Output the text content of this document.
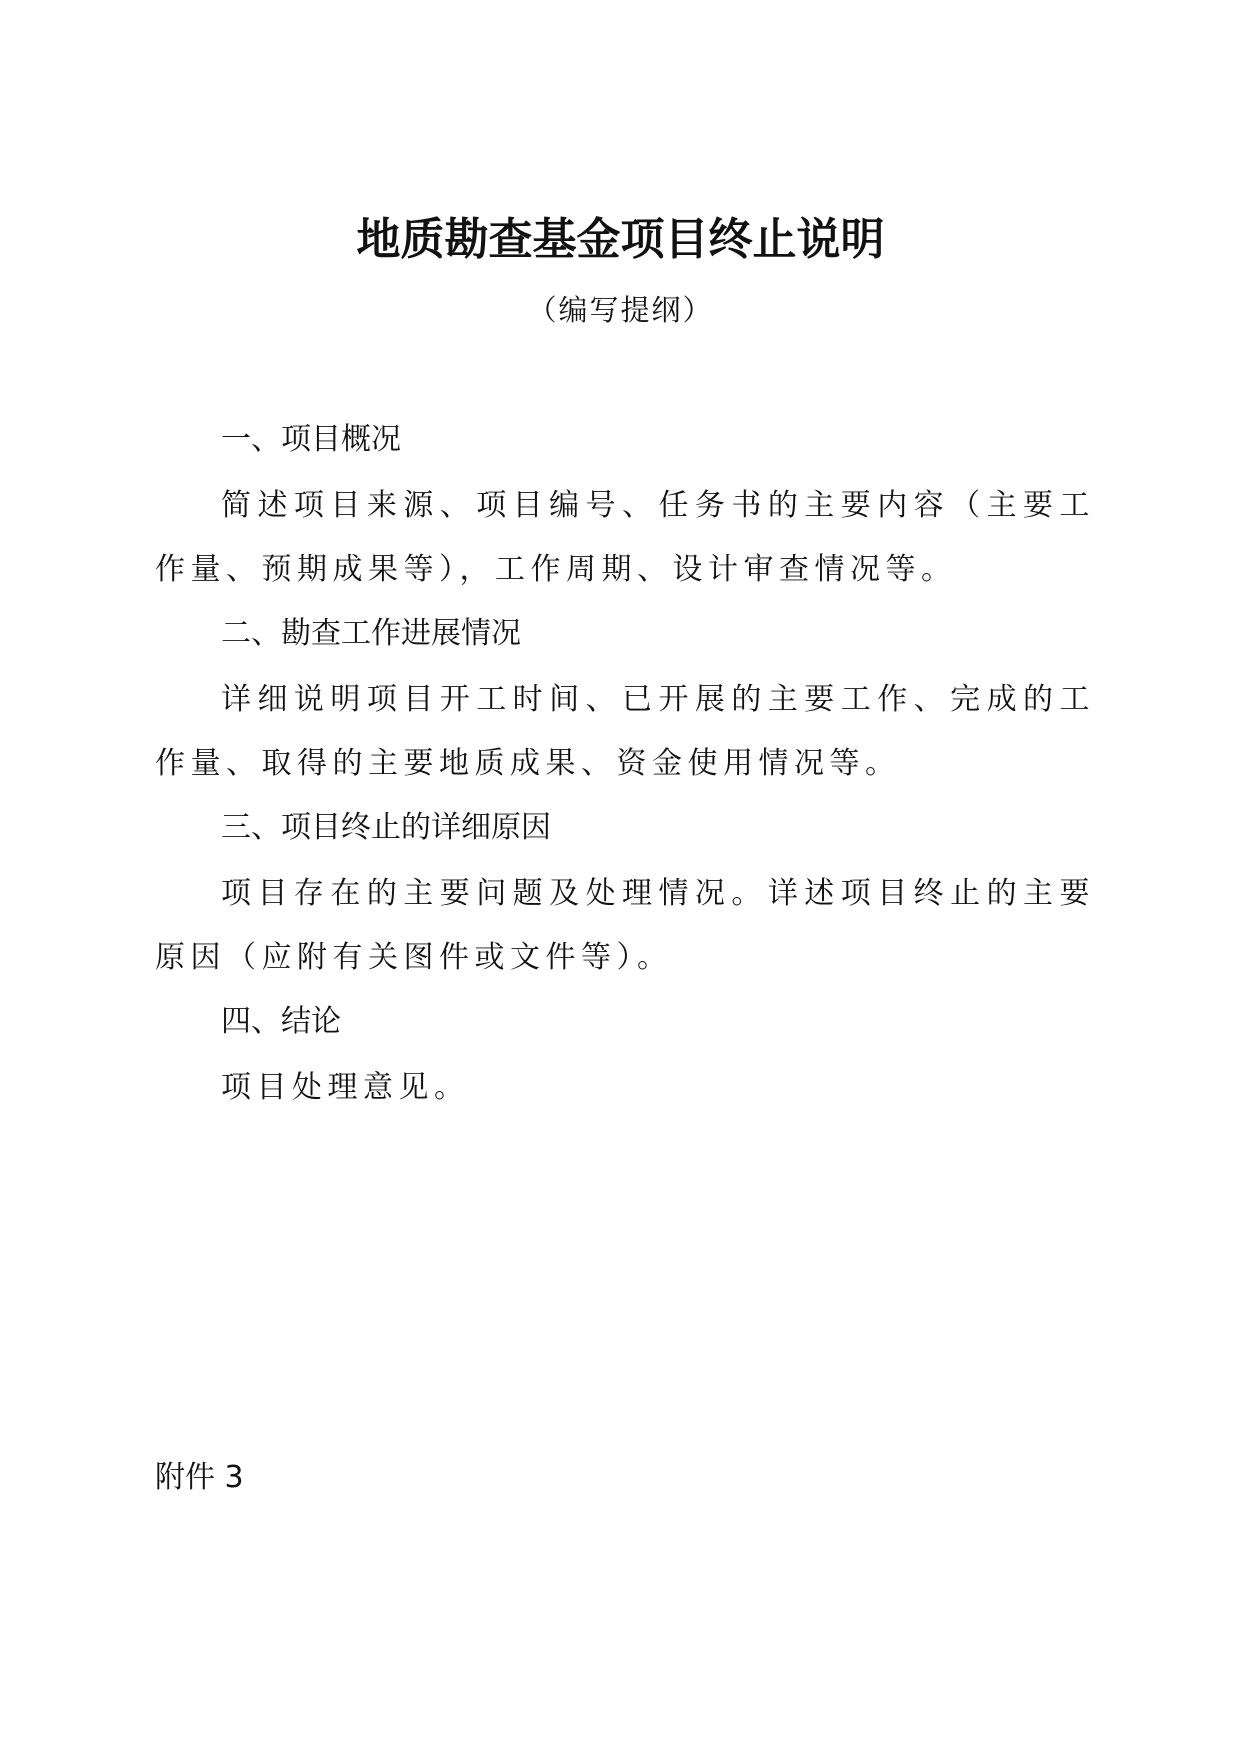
地质勘查基金项目终止说明
（编写提纲）
一、项目概况
简述项目来源、项目编号、任务书的主要内容（主要工作量、预期成果等），工作周期、设计审查情况等。
二、勘查工作进展情况
详细说明项目开工时间、已开展的主要工作、完成的工作量、取得的主要地质成果、资金使用情况等。
三、项目终止的详细原因
项目存在的主要问题及处理情况。详述项目终止的主要原因（应附有关图件或文件等）。
四、结论
项目处理意见。
附件 3
